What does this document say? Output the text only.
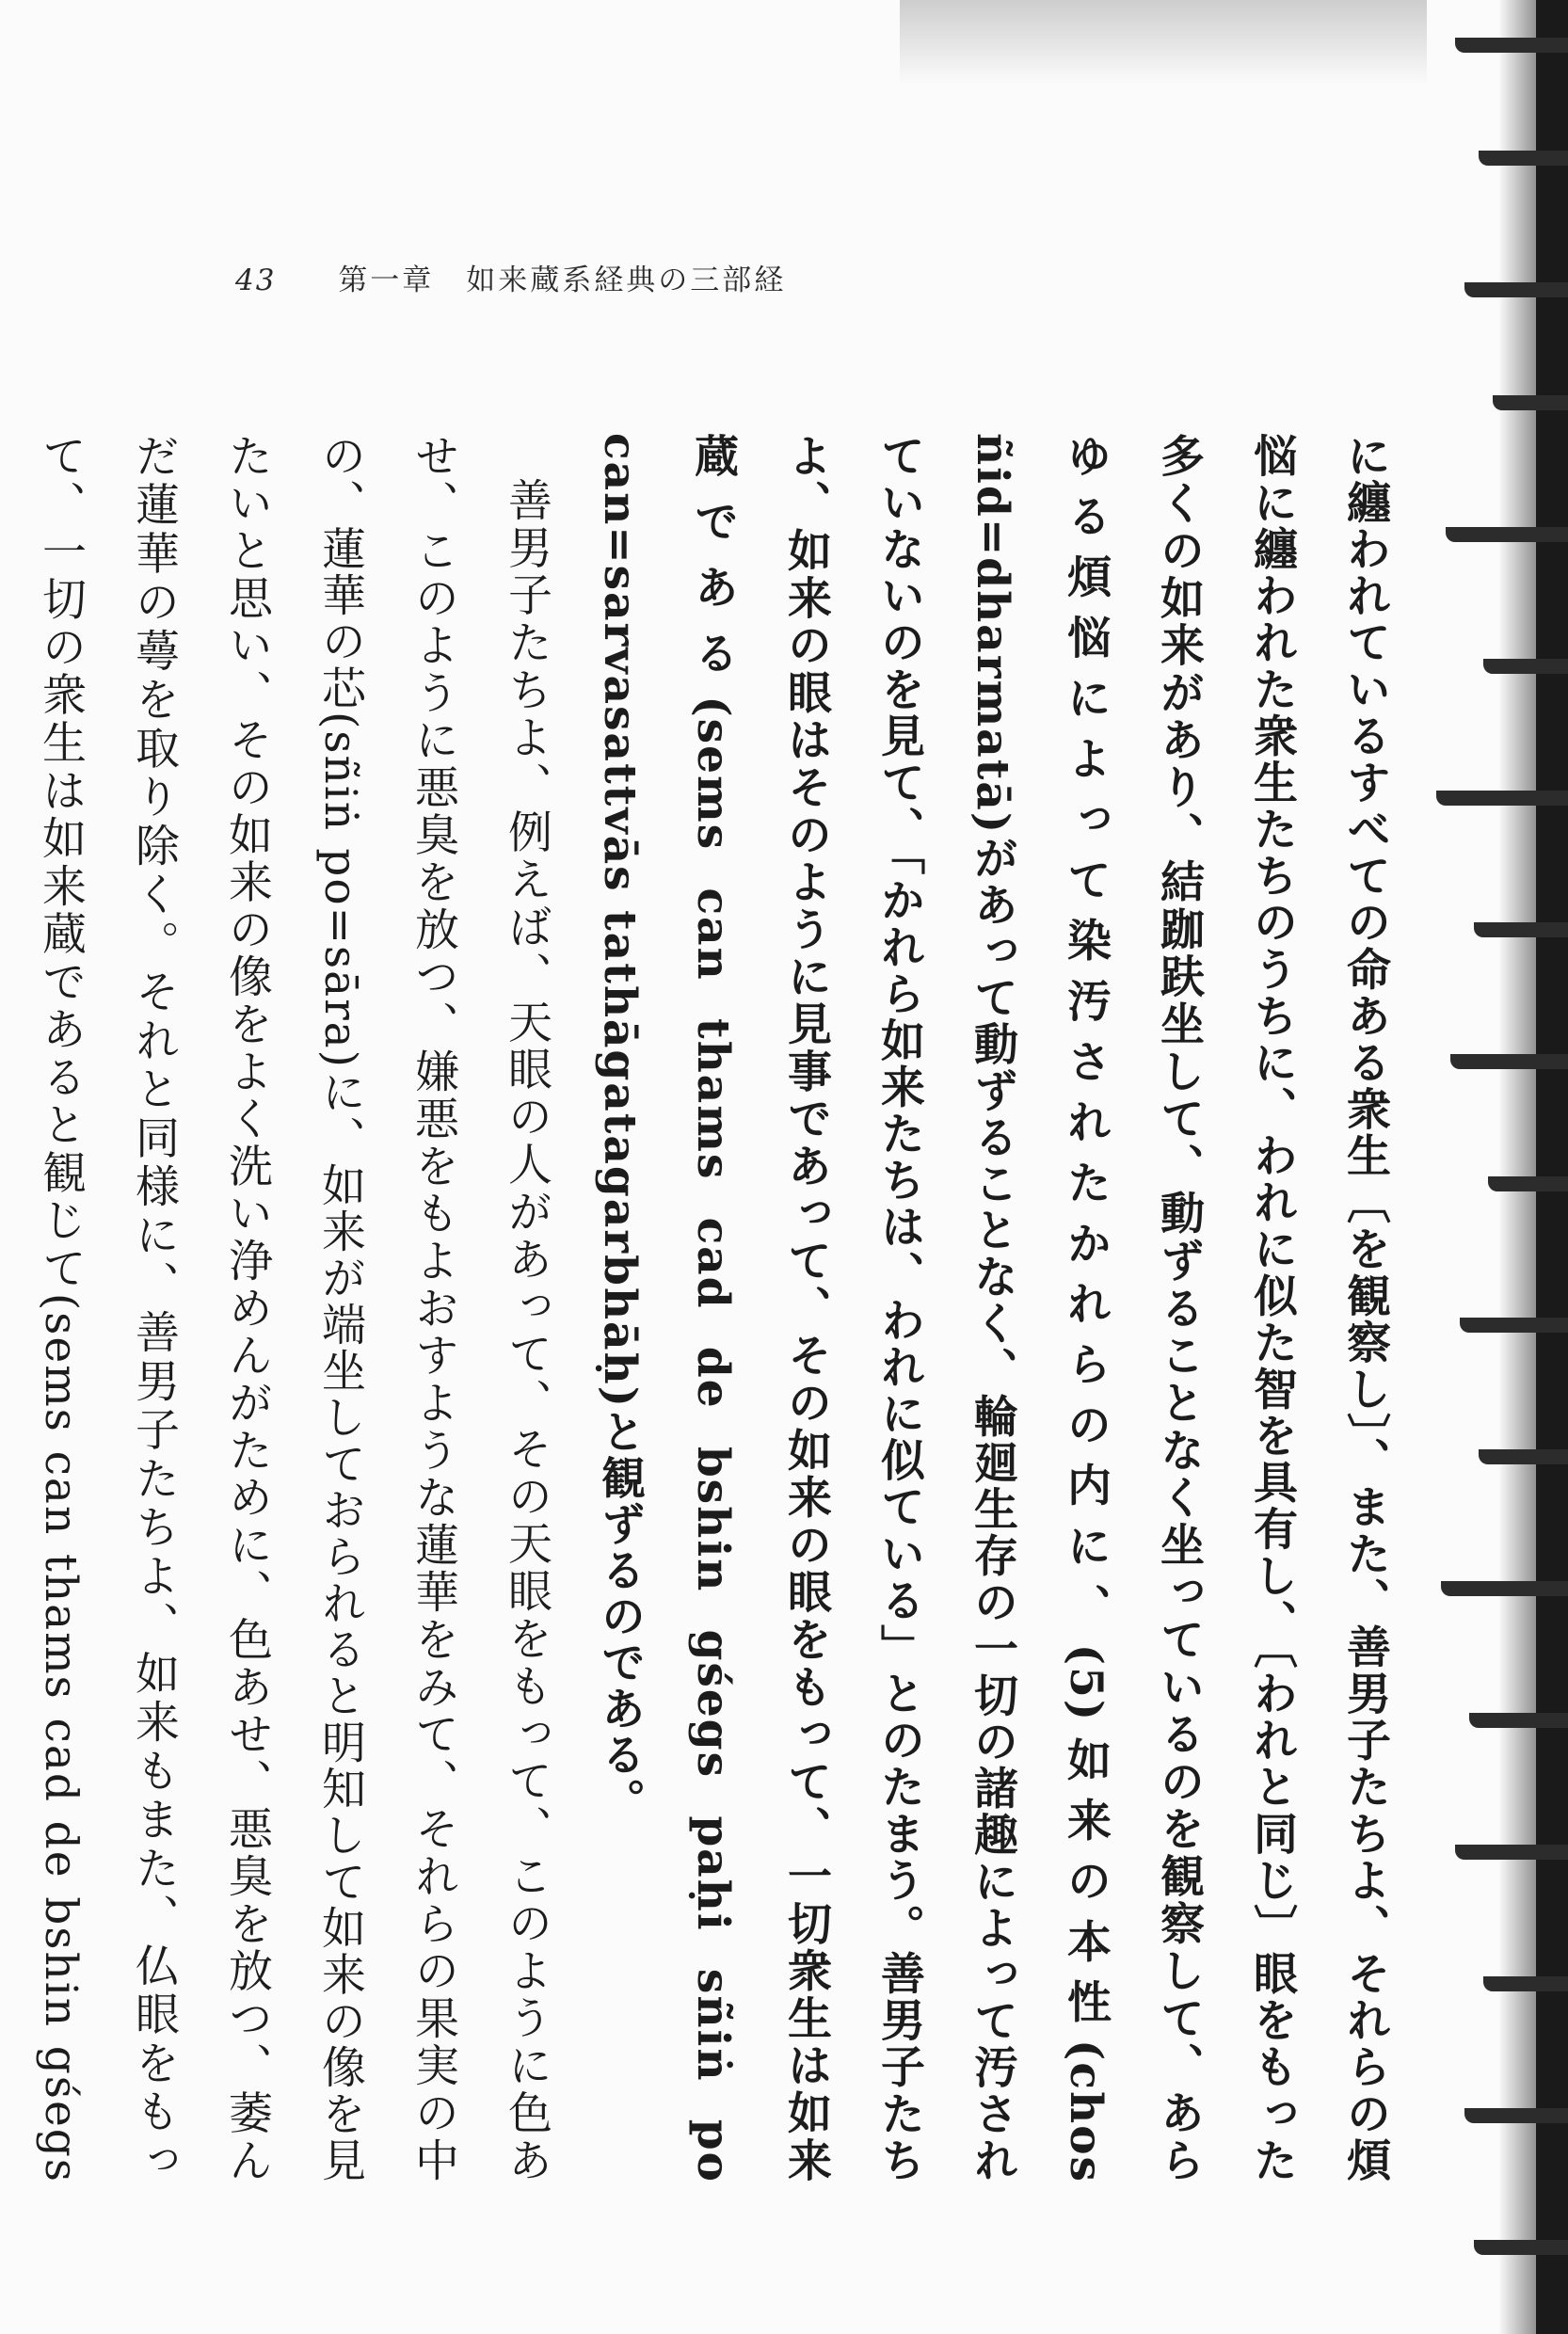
43 第一章　如来蔵系経典の三部経

に纏われているすべての命ある衆生〔を観察し〕、また、善男子たちよ、それらの煩悩に纏われた衆生たちのうちに、われに似た智を具有し、〔われと同じ〕眼をもった多くの如来があり、結跏趺坐して、動ずることなく坐っているのを観察して、あらゆる煩悩によって染汚されたかれらの内に、(5)如来の本性(chos ñid=dharmatā)があって動ずることなく、輪廻生存の一切の諸趣によって汚されていないのを見て、「かれら如来たちは、われに似ている」とのたまう。善男子たちよ、如来の眼はそのように見事であって、その如来の眼をもって、一切衆生は如来蔵である(sems can thams cad de bshin gśegs paḥi sñiṅ po can=sarvasattvās tathāgatagarbhāḥ)と観ずるのである。

善男子たちよ、例えば、天眼の人があって、その天眼をもって、このように色あせ、このように悪臭を放つ、嫌悪をもよおすような蓮華をみて、それらの果実の中の、蓮華の芯(sñiṅ po=sāra)に、如来が端坐しておられると明知して如来の像を見たいと思い、その如来の像をよく洗い浄めんがために、色あせ、悪臭を放つ、萎んだ蓮華の蕚を取り除く。それと同様に、善男子たちよ、如来もまた、仏眼をもって、一切の衆生は如来蔵であると観じて(sems can thams cad de bshin gśegs
